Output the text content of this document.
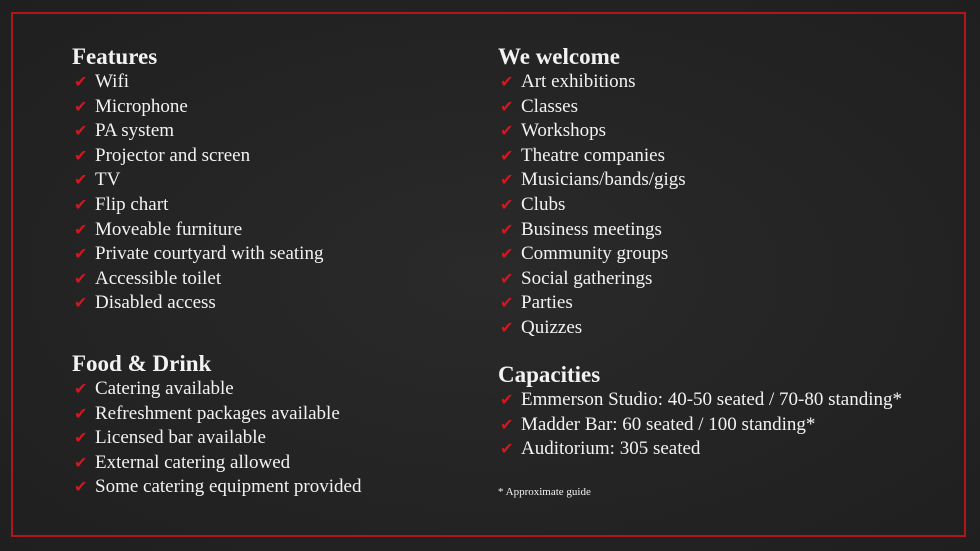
Features
✔ Wifi
✔ Microphone
✔ PA system
✔ Projector and screen
✔ TV
✔ Flip chart
✔ Moveable furniture
✔ Private courtyard with seating
✔ Accessible toilet
✔ Disabled access
Food & Drink
✔ Catering available
✔ Refreshment packages available
✔ Licensed bar available
✔ External catering allowed
✔ Some catering equipment provided
We welcome
✔ Art exhibitions
✔ Classes
✔ Workshops
✔ Theatre companies
✔ Musicians/bands/gigs
✔ Clubs
✔ Business meetings
✔ Community groups
✔ Social gatherings
✔ Parties
✔ Quizzes
Capacities
✔ Emmerson Studio: 40-50 seated / 70-80 standing*
✔ Madder Bar: 60 seated / 100 standing*
✔ Auditorium: 305 seated
* Approximate guide
